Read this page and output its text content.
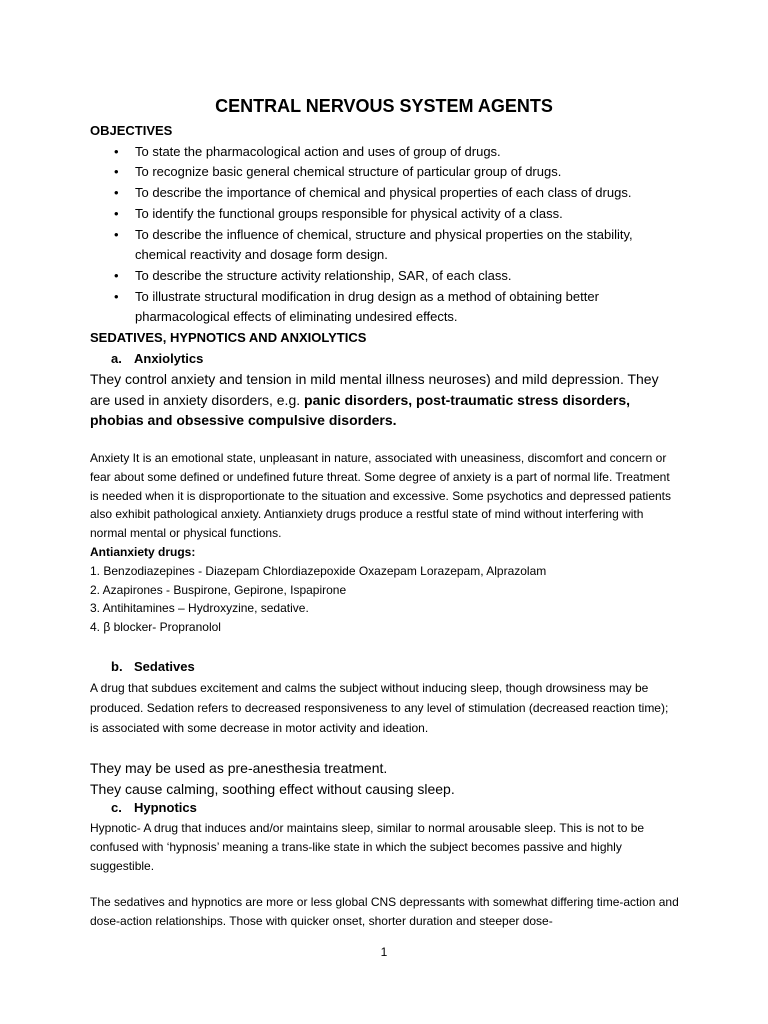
CENTRAL NERVOUS SYSTEM AGENTS
OBJECTIVES
• To state the pharmacological action and uses of group of drugs.
• To recognize basic general chemical structure of particular group of drugs.
• To describe the importance of chemical and physical properties of each class of drugs.
• To identify the functional groups responsible for physical activity of a class.
• To describe the influence of chemical, structure and physical properties on the stability, chemical reactivity and dosage form design.
• To describe the structure activity relationship, SAR, of each class.
• To illustrate structural modification in drug design as a method of obtaining better pharmacological effects of eliminating undesired effects.
SEDATIVES, HYPNOTICS AND ANXIOLYTICS
a. Anxiolytics
They control anxiety and tension in mild mental illness neuroses) and mild depression. They are used in anxiety disorders, e.g. panic disorders, post-traumatic stress disorders, phobias and obsessive compulsive disorders.
Anxiety It is an emotional state, unpleasant in nature, associated with uneasiness, discomfort and concern or fear about some defined or undefined future threat. Some degree of anxiety is a part of normal life. Treatment is needed when it is disproportionate to the situation and excessive. Some psychotics and depressed patients also exhibit pathological anxiety. Antianxiety drugs produce a restful state of mind without interfering with normal mental or physical functions.
Antianxiety drugs:
1. Benzodiazepines - Diazepam Chlordiazepoxide Oxazepam Lorazepam, Alprazolam
2. Azapirones - Buspirone, Gepirone, Ispapirone
3. Antihitamines – Hydroxyzine, sedative.
4. β blocker- Propranolol
b. Sedatives
A drug that subdues excitement and calms the subject without inducing sleep, though drowsiness may be produced. Sedation refers to decreased responsiveness to any level of stimulation (decreased reaction time); is associated with some decrease in motor activity and ideation.
They may be used as pre-anesthesia treatment.
They cause calming, soothing effect without causing sleep.
c. Hypnotics
Hypnotic- A drug that induces and/or maintains sleep, similar to normal arousable sleep. This is not to be confused with ‘hypnosis’ meaning a trans-like state in which the subject becomes passive and highly suggestible.
The sedatives and hypnotics are more or less global CNS depressants with somewhat differing time-action and dose-action relationships. Those with quicker onset, shorter duration and steeper dose-
1
